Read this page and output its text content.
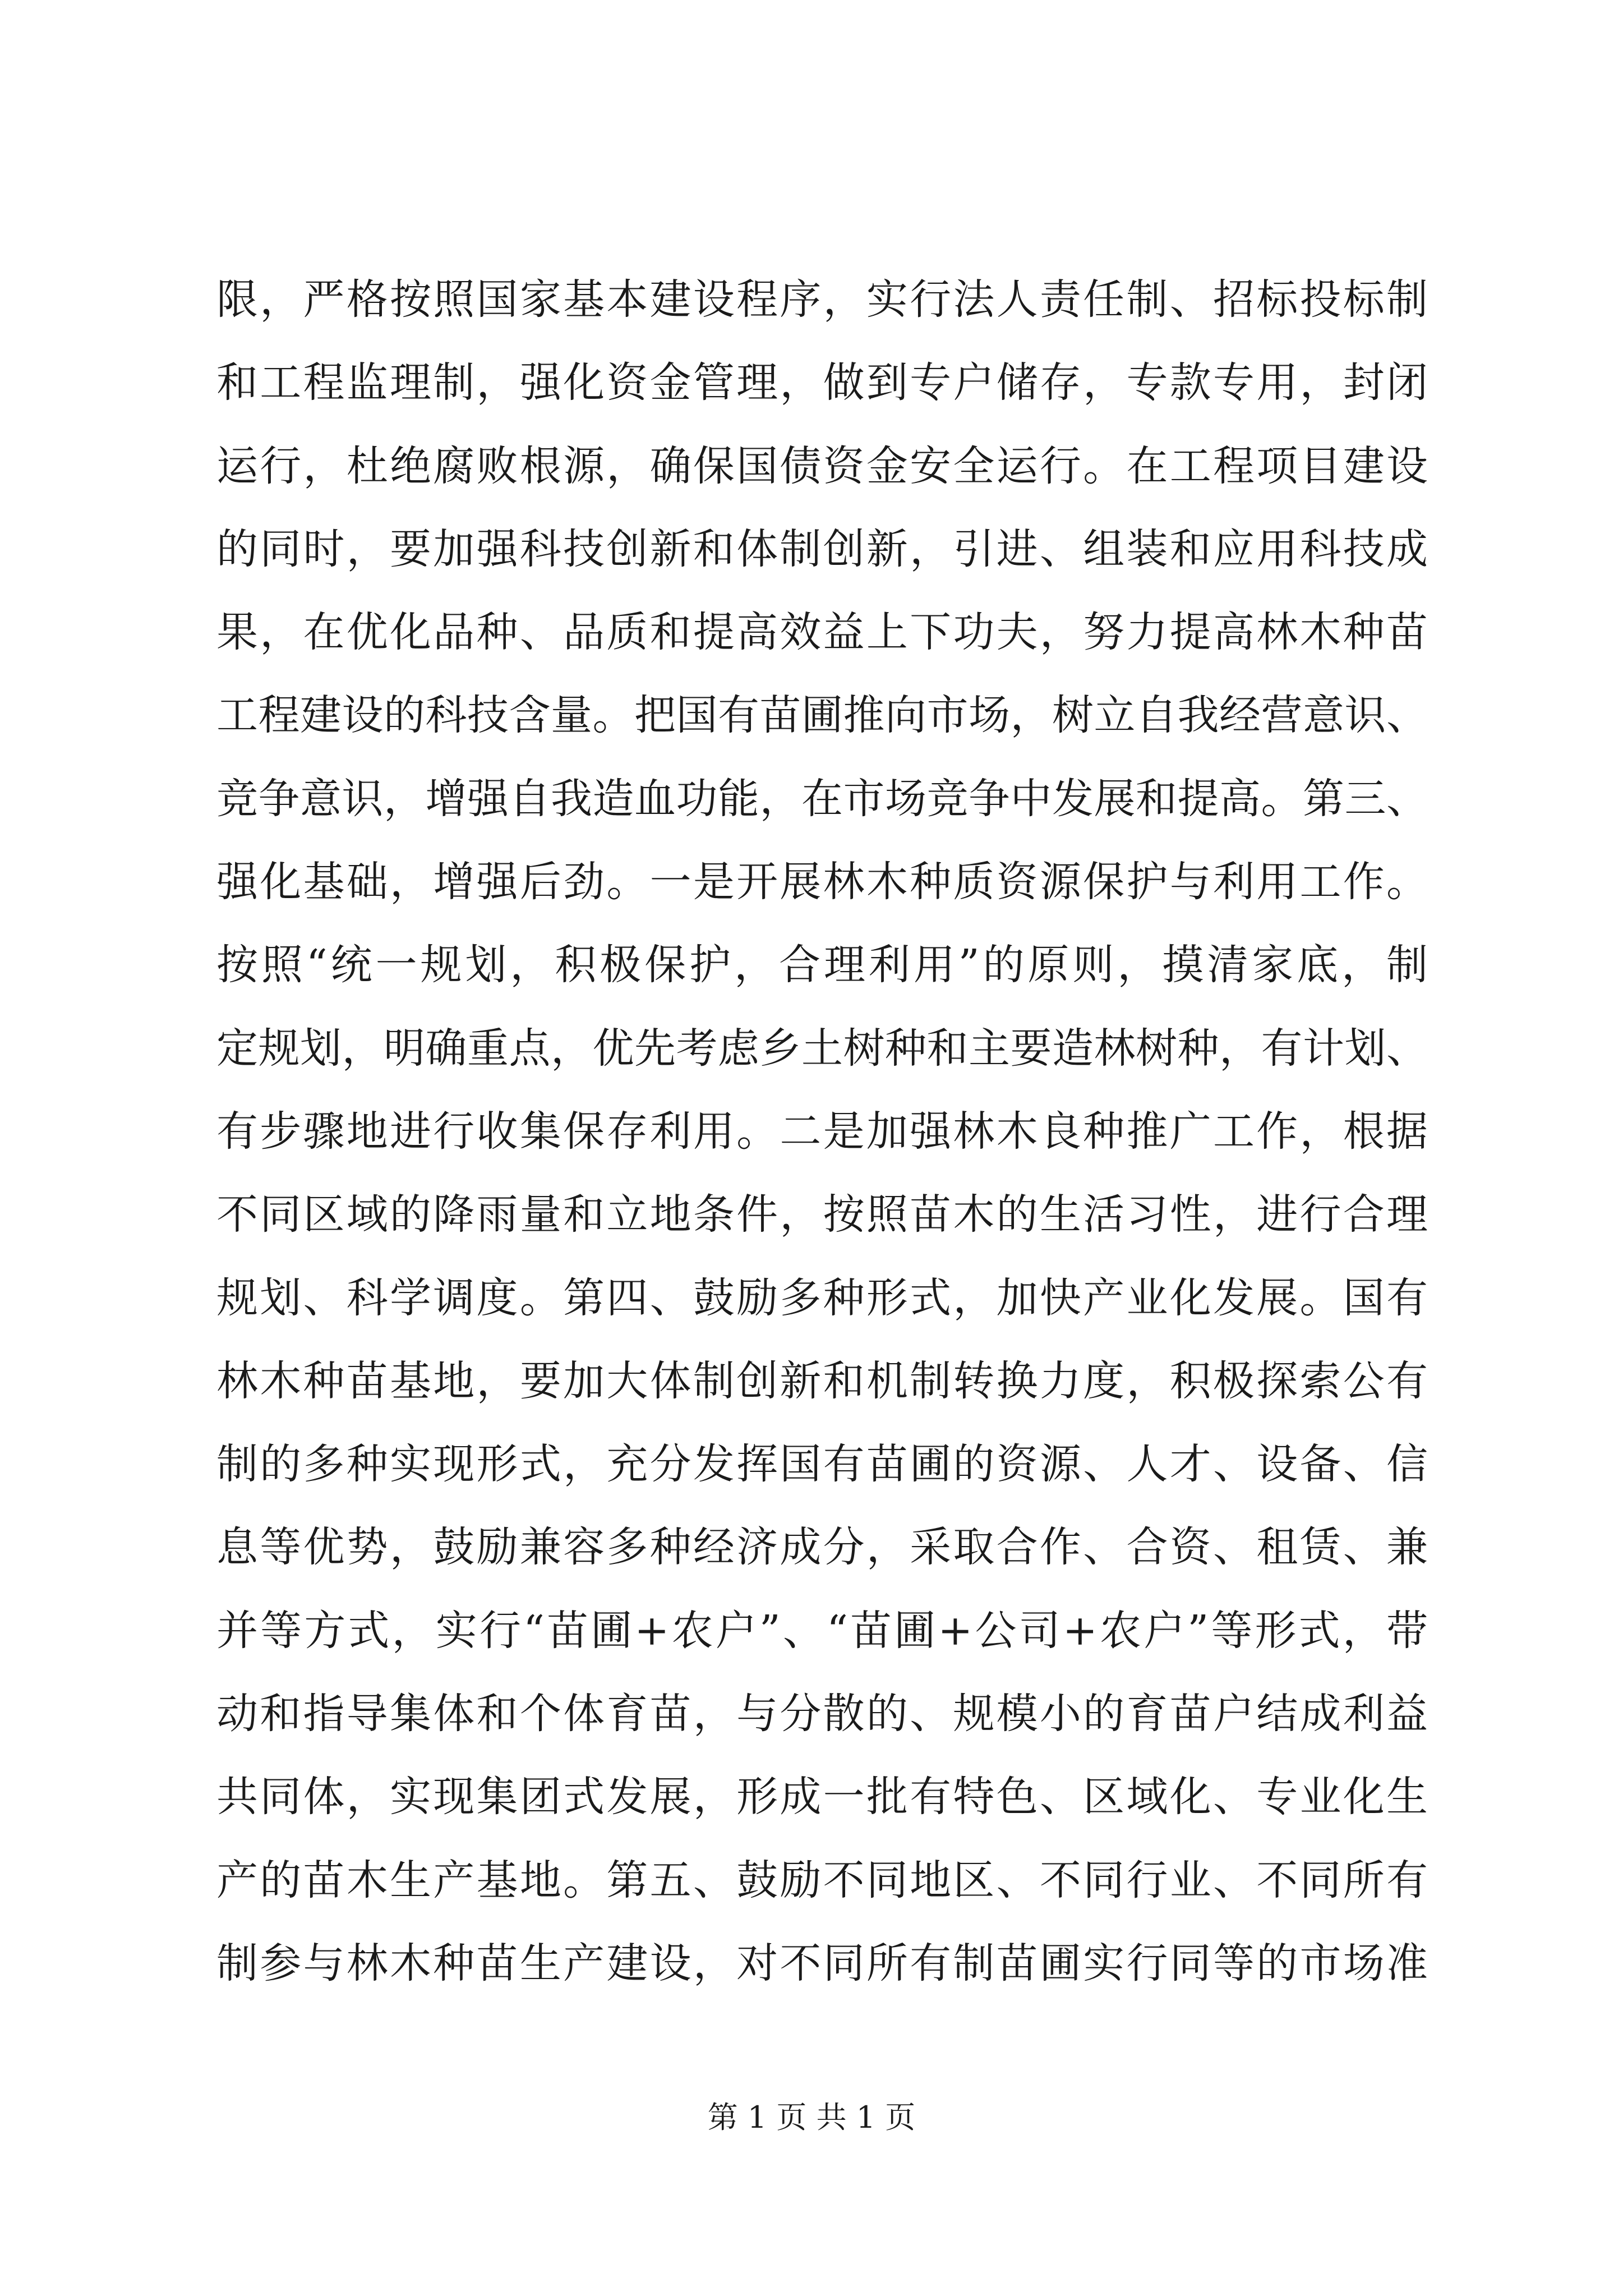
限，严格按照国家基本建设程序，实行法人责任制、招标投标制
和工程监理制，强化资金管理，做到专户储存，专款专用，封闭
运行，杜绝腐败根源，确保国债资金安全运行。在工程项目建设
的同时，要加强科技创新和体制创新，引进、组装和应用科技成
果，在优化品种、品质和提高效益上下功夫，努力提高林木种苗
工程建设的科技含量。把国有苗圃推向市场，树立自我经营意识、
竞争意识，增强自我造血功能，在市场竞争中发展和提高。第三、
强化基础，增强后劲。一是开展林木种质资源保护与利用工作。
按照“统一规划，积极保护，合理利用”的原则，摸清家底，制
定规划，明确重点，优先考虑乡土树种和主要造林树种，有计划、
有步骤地进行收集保存利用。二是加强林木良种推广工作，根据
不同区域的降雨量和立地条件，按照苗木的生活习性，进行合理
规划、科学调度。第四、鼓励多种形式，加快产业化发展。国有
林木种苗基地，要加大体制创新和机制转换力度，积极探索公有
制的多种实现形式，充分发挥国有苗圃的资源、人才、设备、信
息等优势，鼓励兼容多种经济成分，采取合作、合资、租赁、兼
并等方式，实行“苗圃+农户”、“苗圃+公司+农户”等形式，带
动和指导集体和个体育苗，与分散的、规模小的育苗户结成利益
共同体，实现集团式发展，形成一批有特色、区域化、专业化生
产的苗木生产基地。第五、鼓励不同地区、不同行业、不同所有
制参与林木种苗生产建设，对不同所有制苗圃实行同等的市场准
第 1 页 共 1 页
